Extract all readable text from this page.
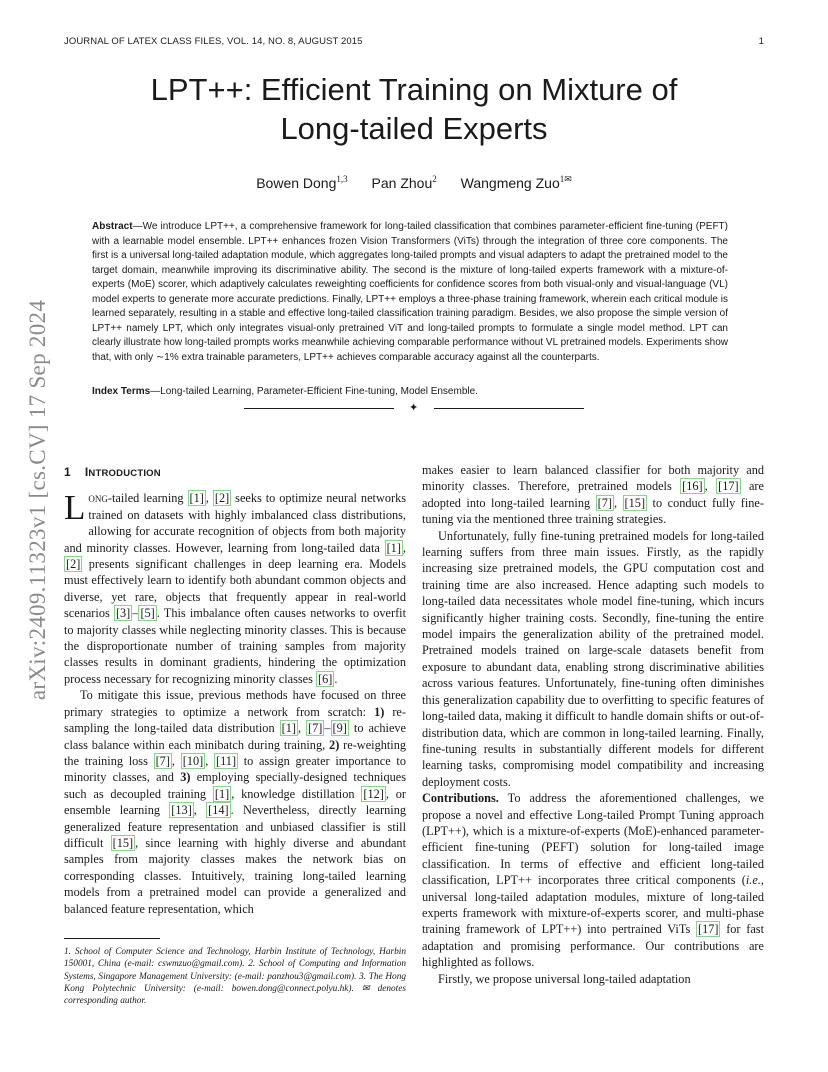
JOURNAL OF LATEX CLASS FILES, VOL. 14, NO. 8, AUGUST 2015	1
LPT++: Efficient Training on Mixture of
Long-tailed Experts
Bowen Dong$^{1,3}$ Pan Zhou$^2$ Wangmeng Zuo$^{1✉}$
Abstract—We introduce LPT++, a comprehensive framework for long-tailed classification that combines parameter-efficient fine-tuning (PEFT) with a learnable model ensemble. LPT++ enhances frozen Vision Transformers (ViTs) through the integration of three core components. The first is a universal long-tailed adaptation module, which aggregates long-tailed prompts and visual adapters to adapt the pretrained model to the target domain, meanwhile improving its discriminative ability. The second is the mixture of long-tailed experts framework with a mixture-of-experts (MoE) scorer, which adaptively calculates reweighting coefficients for confidence scores from both visual-only and visual-language (VL) model experts to generate more accurate predictions. Finally, LPT++ employs a three-phase training framework, wherein each critical module is learned separately, resulting in a stable and effective long-tailed classification training paradigm. Besides, we also propose the simple version of LPT++ namely LPT, which only integrates visual-only pretrained ViT and long-tailed prompts to formulate a single model method. LPT can clearly illustrate how long-tailed prompts works meanwhile achieving comparable performance without VL pretrained models. Experiments show that, with only ∼1% extra trainable parameters, LPT++ achieves comparable accuracy against all the counterparts.
Index Terms—Long-tailed Learning, Parameter-Efficient Fine-tuning, Model Ensemble.
✦
arXiv:2409.11323v1 [cs.CV] 17 Sep 2024 1 INTRODUCTION

Long-tailed learning [1] , [2] seeks to optimize neural networks trained on datasets with highly imbalanced class distributions, allowing for accurate recognition of objects from both majority and minority classes. However, learning from long-tailed data [1] , [2] presents significant challenges in deep learning era. Models must effectively learn to identify both abundant common objects and diverse, yet rare, objects that frequently appear in real-world scenarios [3] – [5] . This imbalance often causes networks to overfit to majority classes while neglecting minority classes. This is because the disproportionate number of training samples from majority classes results in dominant gradients, hindering the optimization process necessary for recognizing minority classes [6] .

To mitigate this issue, previous methods have focused on three primary strategies to optimize a network from scratch: 1) re-sampling the long-tailed data distribution [1] , [7] – [9] to achieve class balance within each minibatch during training, 2) re-weighting the training loss [7] , [10] , [11] to assign greater importance to minority classes, and 3) employing specially-designed techniques such as decoupled training [1] , knowledge distillation [12] , or ensemble learning [13] , [14] . Nevertheless, directly learning generalized feature representation and unbiased classifier is still difficult [15] , since learning with highly diverse and abundant samples from majority classes makes the network bias on corresponding classes. Intuitively, training long-tailed learning models from a pretrained model can provide a generalized and balanced feature representation, which

1. School of Computer Science and Technology, Harbin Institute of Technology, Harbin 150001, China (e-mail: cswmzuo@gmail.com). 2. School of Computing and Information Systems, Singapore Management University: (e-mail: panzhou3@gmail.com). 3. The Hong Kong Polytechnic University: (e-mail: bowen.dong@connect.polyu.hk). ✉ denotes corresponding author.

makes easier to learn balanced classifier for both majority and minority classes. Therefore, pretrained models [16] , [17] are adopted into long-tailed learning [7] , [15] to conduct fully fine-tuning via the mentioned three training strategies.

Unfortunately, fully fine-tuning pretrained models for long-tailed learning suffers from three main issues. Firstly, as the rapidly increasing size pretrained models, the GPU computation cost and training time are also increased. Hence adapting such models to long-tailed data necessitates whole model fine-tuning, which incurs significantly higher training costs. Secondly, fine-tuning the entire model impairs the generalization ability of the pretrained model. Pretrained models trained on large-scale datasets benefit from exposure to abundant data, enabling strong discriminative abilities across various features. Unfortunately, fine-tuning often diminishes this generalization capability due to overfitting to specific features of long-tailed data, making it difficult to handle domain shifts or out-of-distribution data, which are common in long-tailed learning. Finally, fine-tuning results in substantially different models for different learning tasks, compromising model compatibility and increasing deployment costs.

Contributions. To address the aforementioned challenges, we propose a novel and effective Long-tailed Prompt Tuning approach (LPT++), which is a mixture-of-experts (MoE)-enhanced parameter-efficient fine-tuning (PEFT) solution for long-tailed image classification. In terms of effective and efficient long-tailed classification, LPT++ incorporates three critical components (i.e., universal long-tailed adaptation modules, mixture of long-tailed experts framework with mixture-of-experts scorer, and multi-phase training framework of LPT++) into pertrained ViTs [17] for fast adaptation and promising performance. Our contributions are highlighted as follows.

Firstly, we propose universal long-tailed adaptation
